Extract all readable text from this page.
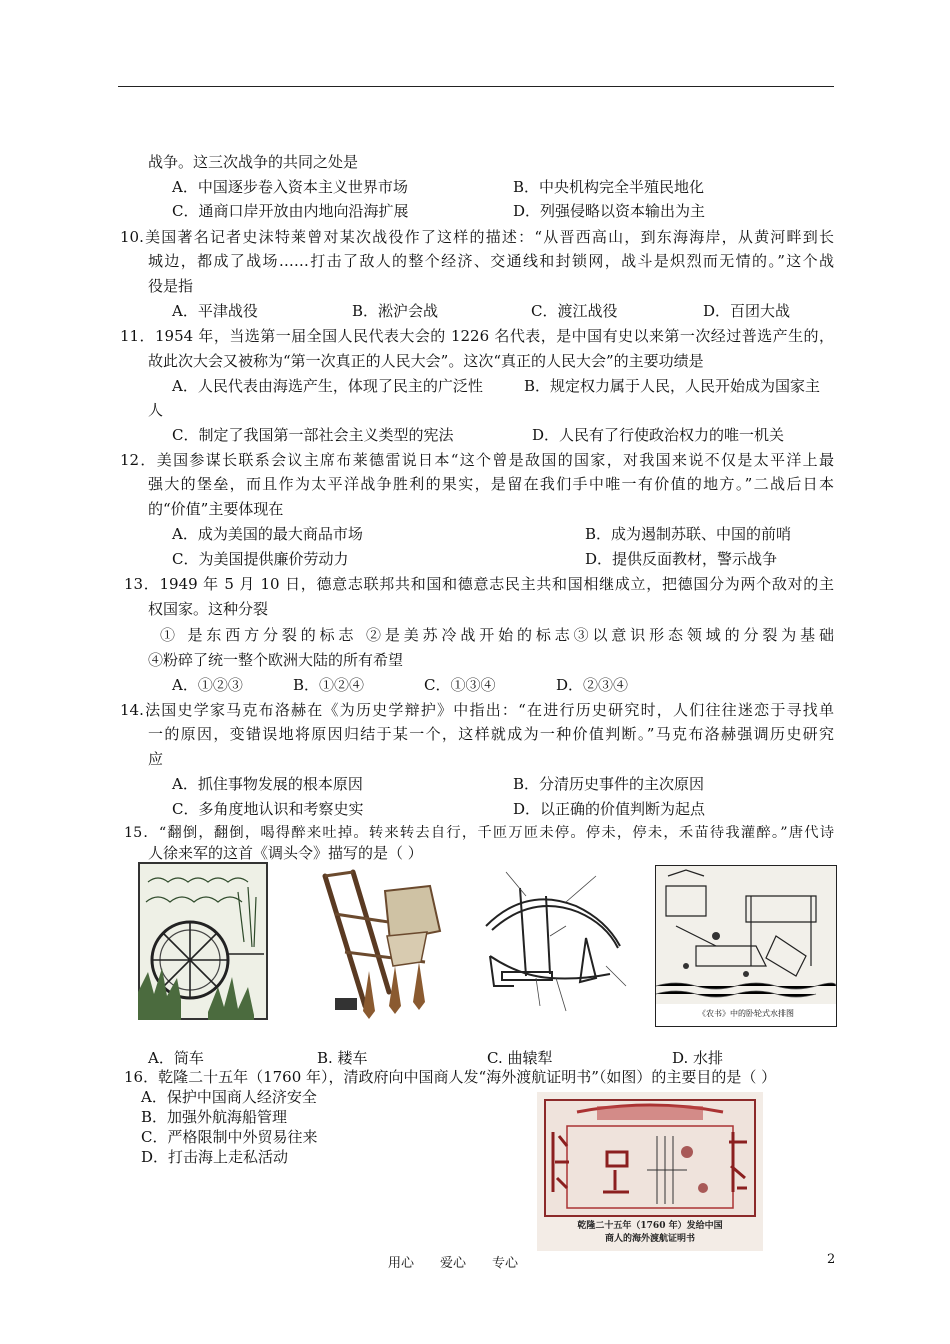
战争。这三次战争的共同之处是
A．中国逐步卷入资本主义世界市场	B．中央机构完全半殖民地化
C．通商口岸开放由内地向沿海扩展	D．列强侵略以资本输出为主
10.美国著名记者史沫特莱曾对某次战役作了这样的描述：“从晋西高山，到东海海岸，从黄河畔到长
城边，都成了战场……打击了敌人的整个经济、交通线和封锁网，战斗是炽烈而无情的。”这个战
役是指
A．平津战役	B．淞沪会战	C．渡江战役	D．百团大战
11．1954 年，当选第一届全国人民代表大会的 1226 名代表，是中国有史以来第一次经过普选产生的，
故此次大会又被称为“第一次真正的人民大会”。这次“真正的人民大会”的主要功绩是
A．人民代表由海选产生，体现了民主的广泛性	B．规定权力属于人民，人民开始成为国家主
人
C．制定了我国第一部社会主义类型的宪法	D．人民有了行使政治权力的唯一机关
12．美国参谋长联系会议主席布莱德雷说日本“这个曾是敌国的国家，对我国来说不仅是太平洋上最
强大的堡垒，而且作为太平洋战争胜利的果实，是留在我们手中唯一有价值的地方。”二战后日本
的“价值”主要体现在
A．成为美国的最大商品市场	B．成为遏制苏联、中国的前哨
C．为美国提供廉价劳动力	D．提供反面教材，警示战争
13．1949 年 5 月 10 日，德意志联邦共和国和德意志民主共和国相继成立，把德国分为两个敌对的主
权国家。这种分裂
① 是东西方分裂的标志 ②是美苏冷战开始的标志③以意识形态领域的分裂为基础
④粉碎了统一整个欧洲大陆的所有希望
A．①②③	B．①②④	C．①③④	D．②③④
14.法国史学家马克布洛赫在《为历史学辩护》中指出：“在进行历史研究时，人们往往迷恋于寻找单
一的原因，变错误地将原因归结于某一个，这样就成为一种价值判断。”马克布洛赫强调历史研究
应
A．抓住事物发展的根本原因	B．分清历史事件的主次原因
C．多角度地认识和考察史实	D．以正确的价值判断为起点
15．“翻倒，翻倒，喝得醉来吐掉。转来转去自行，千匝万匝未停。停未，停未，禾苗待我灌醉。”唐代诗
人徐来军的这首《调头令》描写的是（ ）
《农书》中的卧轮式水排图
A．筒车	B. 耧车	C. 曲辕犁	D. 水排
16．乾隆二十五年（1760 年），清政府向中国商人发“海外渡航证明书”（如图）的主要目的是（ ）
A．保护中国商人经济安全
B．加强外航海船管理
C．严格限制中外贸易往来
D．打击海上走私活动
乾隆二十五年（1760 年）发给中国
商人的海外渡航证明书
用心　　爱心　　专心	2
